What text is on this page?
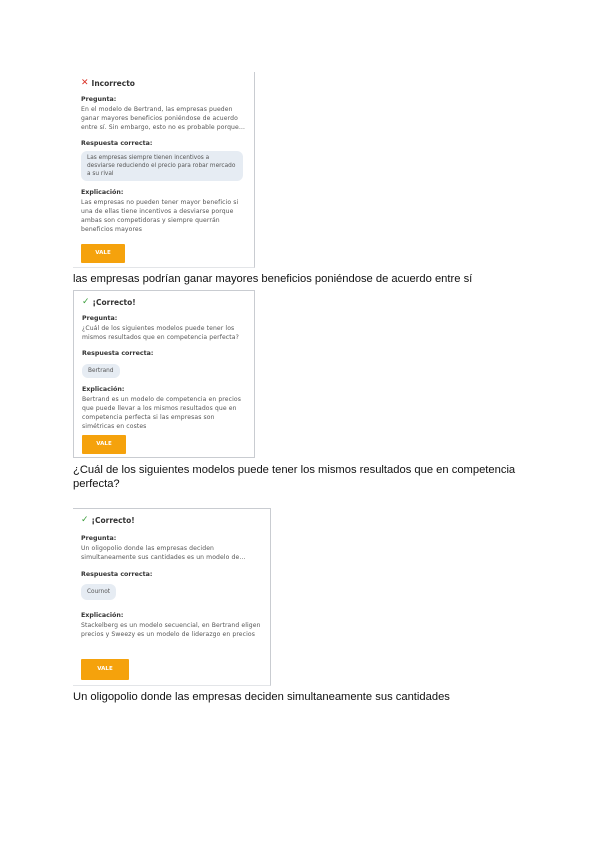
✕ Incorrecto
Pregunta:
En el modelo de Bertrand, las empresas pueden ganar mayores beneficios poniéndose de acuerdo entre sí. Sin embargo, esto no es probable porque…
Respuesta correcta:
Las empresas siempre tienen incentivos a desviarse reduciendo el precio para robar mercado a su rival
Explicación:
Las empresas no pueden tener mayor beneficio si una de ellas tiene incentivos a desviarse porque ambas son competidoras y siempre querrán beneficios mayores
VALE
las empresas podrían ganar mayores beneficios poniéndose de acuerdo entre sí
✓ ¡Correcto!
Pregunta:
¿Cuál de los siguientes modelos puede tener los mismos resultados que en competencia perfecta?
Respuesta correcta:
Bertrand
Explicación:
Bertrand es un modelo de competencia en precios que puede llevar a los mismos resultados que en competencia perfecta si las empresas son simétricas en costes
VALE
¿Cuál de los siguientes modelos puede tener los mismos resultados que en competencia perfecta?
✓ ¡Correcto!
Pregunta:
Un oligopolio donde las empresas deciden simultaneamente sus cantidades es un modelo de…
Respuesta correcta:
Cournot
Explicación:
Stackelberg es un modelo secuencial, en Bertrand eligen precios y Sweezy es un modelo de liderazgo en precios
VALE
Un oligopolio donde las empresas deciden simultaneamente sus cantidades
